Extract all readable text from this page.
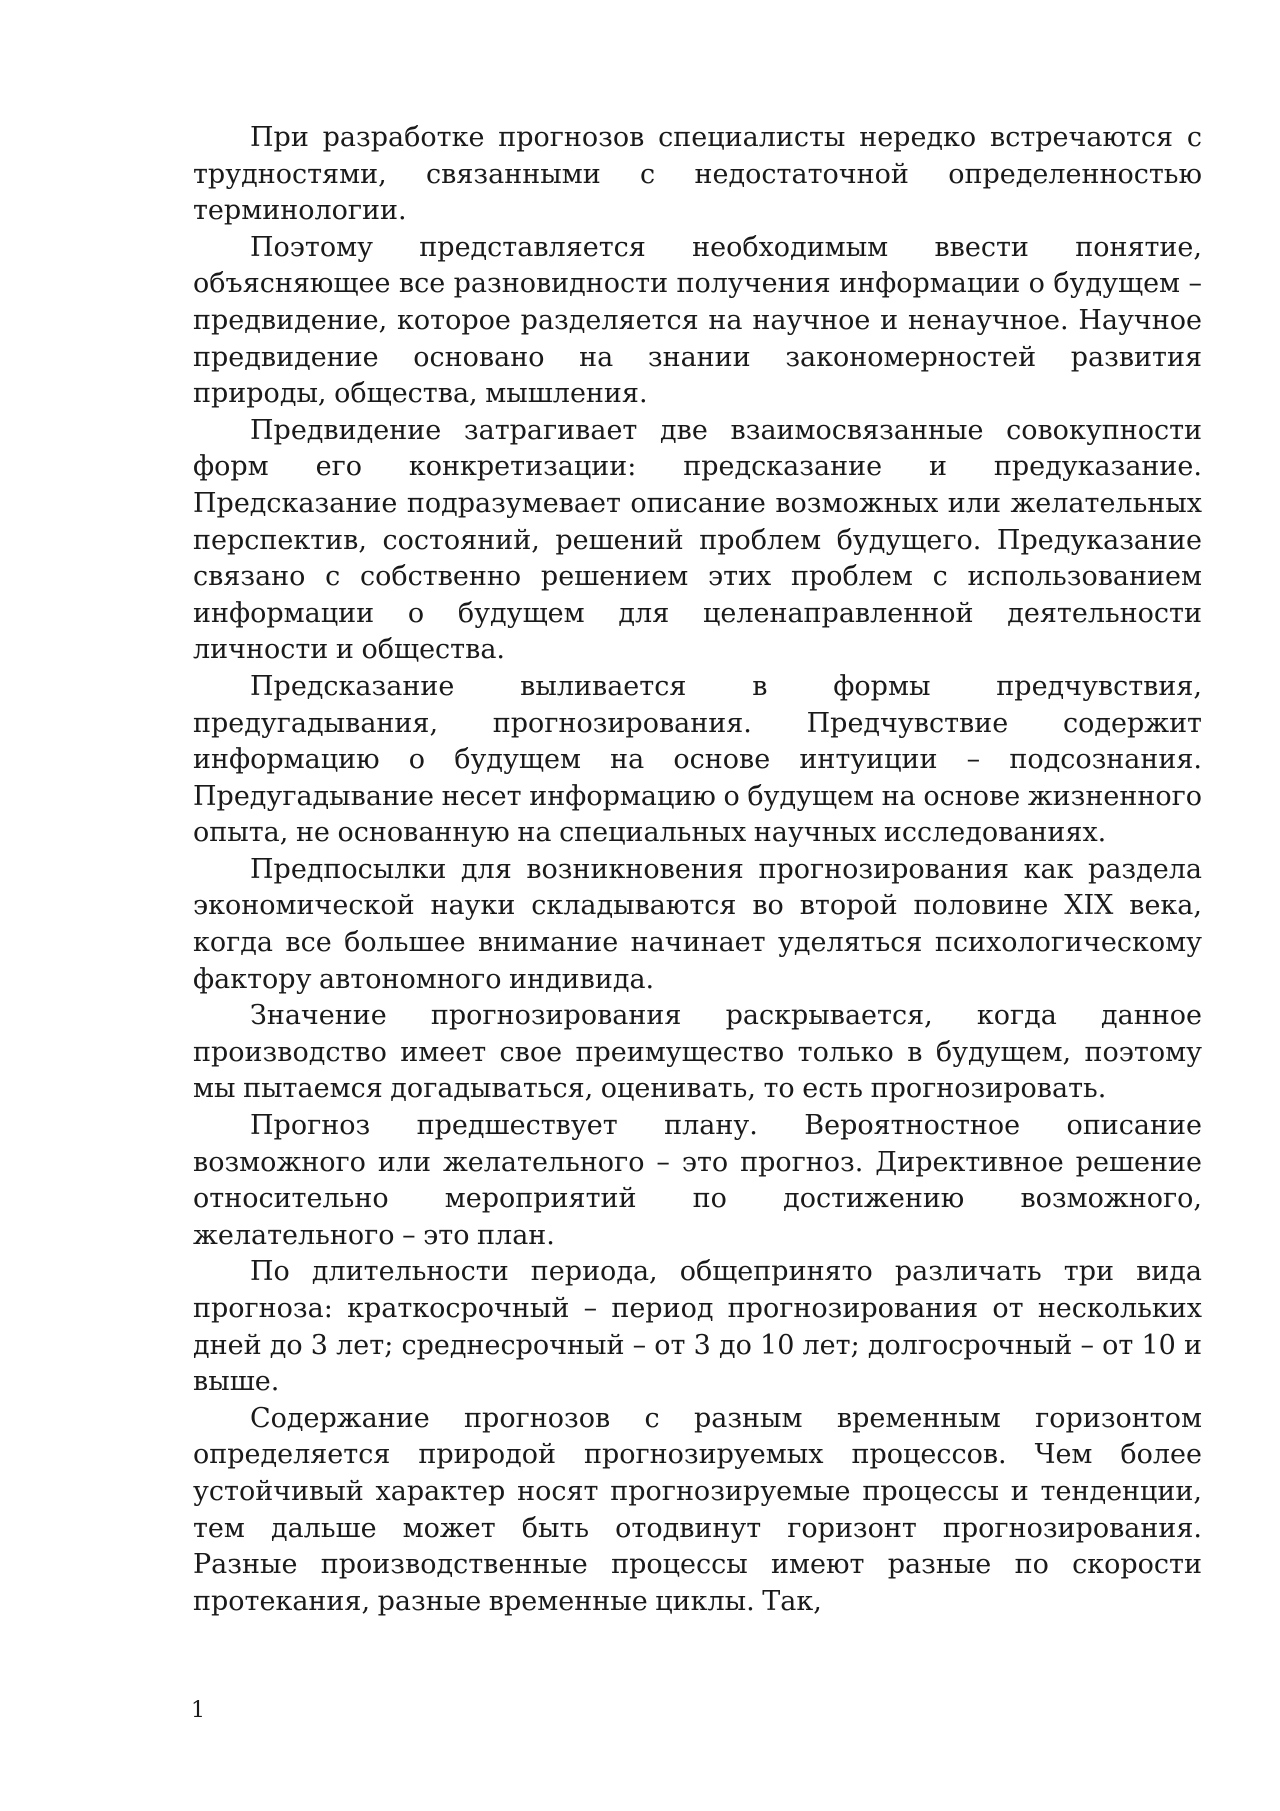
При разработке прогнозов специалисты нередко встречаются с трудностями, связанными с недостаточной определенностью терминологии.

Поэтому представляется необходимым ввести понятие, объясняющее все разновидности получения информации о будущем – предвидение, которое разделяется на научное и ненаучное. Научное предвидение основано на знании закономерностей развития природы, общества, мышления.

Предвидение затрагивает две взаимосвязанные совокупности форм его конкретизации: предсказание и предуказание. Предсказание подразумевает описание возможных или желательных перспектив, состояний, решений проблем будущего. Предуказание связано с собственно решением этих проблем с использованием информации о будущем для целенаправленной деятельности личности и общества.

Предсказание выливается в формы предчувствия, предугадывания, прогнозирования. Предчувствие содержит информацию о будущем на основе интуиции – подсознания. Предугадывание несет информацию о будущем на основе жизненного опыта, не основанную на специальных научных исследованиях.

Предпосылки для возникновения прогнозирования как раздела экономической науки складываются во второй половине XIX века, когда все большее внимание начинает уделяться психологическому фактору автономного индивида.

Значение прогнозирования раскрывается, когда данное производство имеет свое преимущество только в будущем, поэтому мы пытаемся догадываться, оценивать, то есть прогнозировать.

Прогноз предшествует плану. Вероятностное описание возможного или желательного – это прогноз. Директивное решение относительно мероприятий по достижению возможного, желательного – это план.

По длительности периода, общепринято различать три вида прогноза: краткосрочный – период прогнозирования от нескольких дней до 3 лет; среднесрочный – от 3 до 10 лет; долгосрочный – от 10 и выше.

Содержание прогнозов с разным временным горизонтом определяется природой прогнозируемых процессов. Чем более устойчивый характер носят прогнозируемые процессы и тенденции, тем дальше может быть отодвинут горизонт прогнозирования. Разные производственные процессы имеют разные по скорости протекания, разные временные циклы. Так,

1
